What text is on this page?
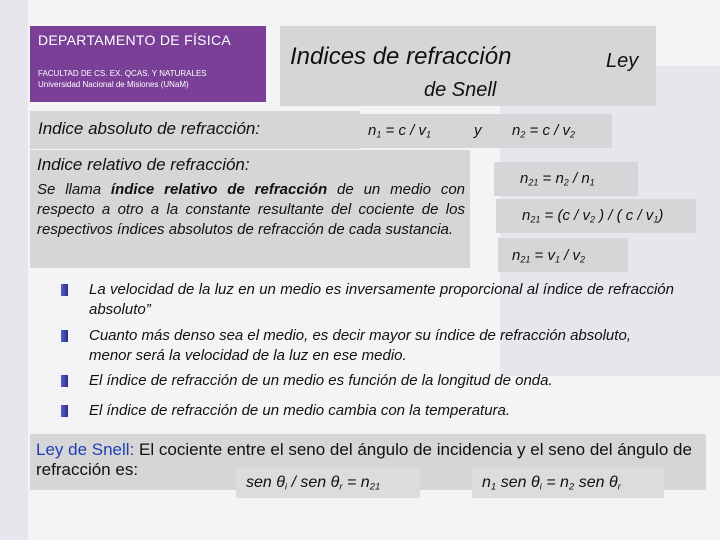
DEPARTAMENTO DE FÍSICA
FACULTAD DE CS. EX. QCAS. Y NATURALES
Universidad Nacional de Misiones (UNaM)
Indices de refracción	Ley
de Snell
Indice absoluto de refracción:	$n_1 = c / v_1$	y $n_2 = c / v_2$
Indice relativo de refracción:
Se llama índice relativo de refracción de un medio con respecto a otro a la constante resultante del cociente de los respectivos índices absolutos de refracción de cada sustancia.
$n_{21} = n_2 / n_1$
$n_{21} = (c / v_2$ ) / ( c / $v_1$)
$n_{21} = v_1 / v_2$
La velocidad de la luz en un medio es inversamente proporcional al índice de refracción absoluto”
Cuanto más denso sea el medio, es decir mayor su índice de refracción absoluto, menor será la velocidad de la luz en ese medio.
El índice de refracción de un medio es función de la longitud de onda.
El índice de refracción de un medio cambia con la temperatura.
Ley de Snell: El cociente entre el seno del ángulo de incidencia y el seno del ángulo de refracción es:
sen $\theta_i$ / sen $\theta_r = n_{21}$	$n_1$ sen $\theta_i = n_2$ sen $\theta_r$
